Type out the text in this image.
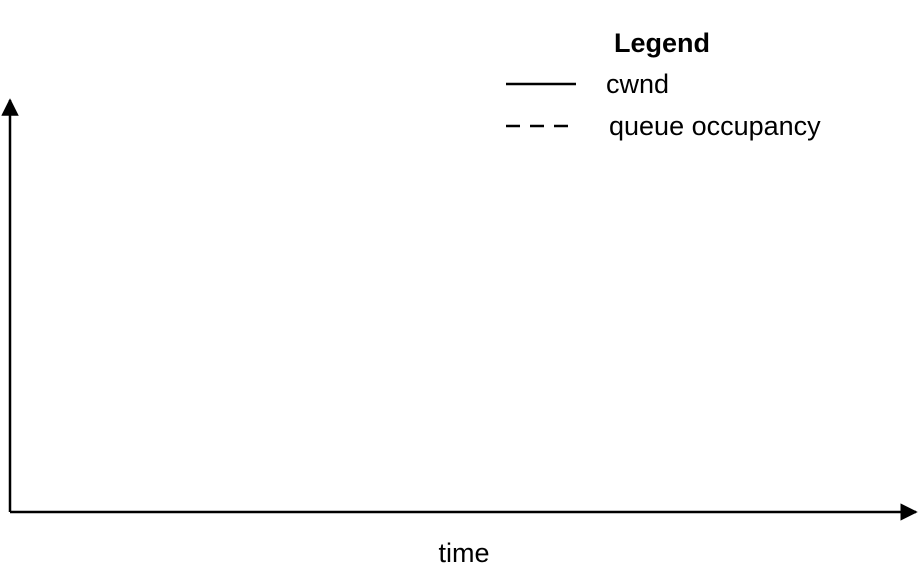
time
Legend
cwnd
queue occupancy
